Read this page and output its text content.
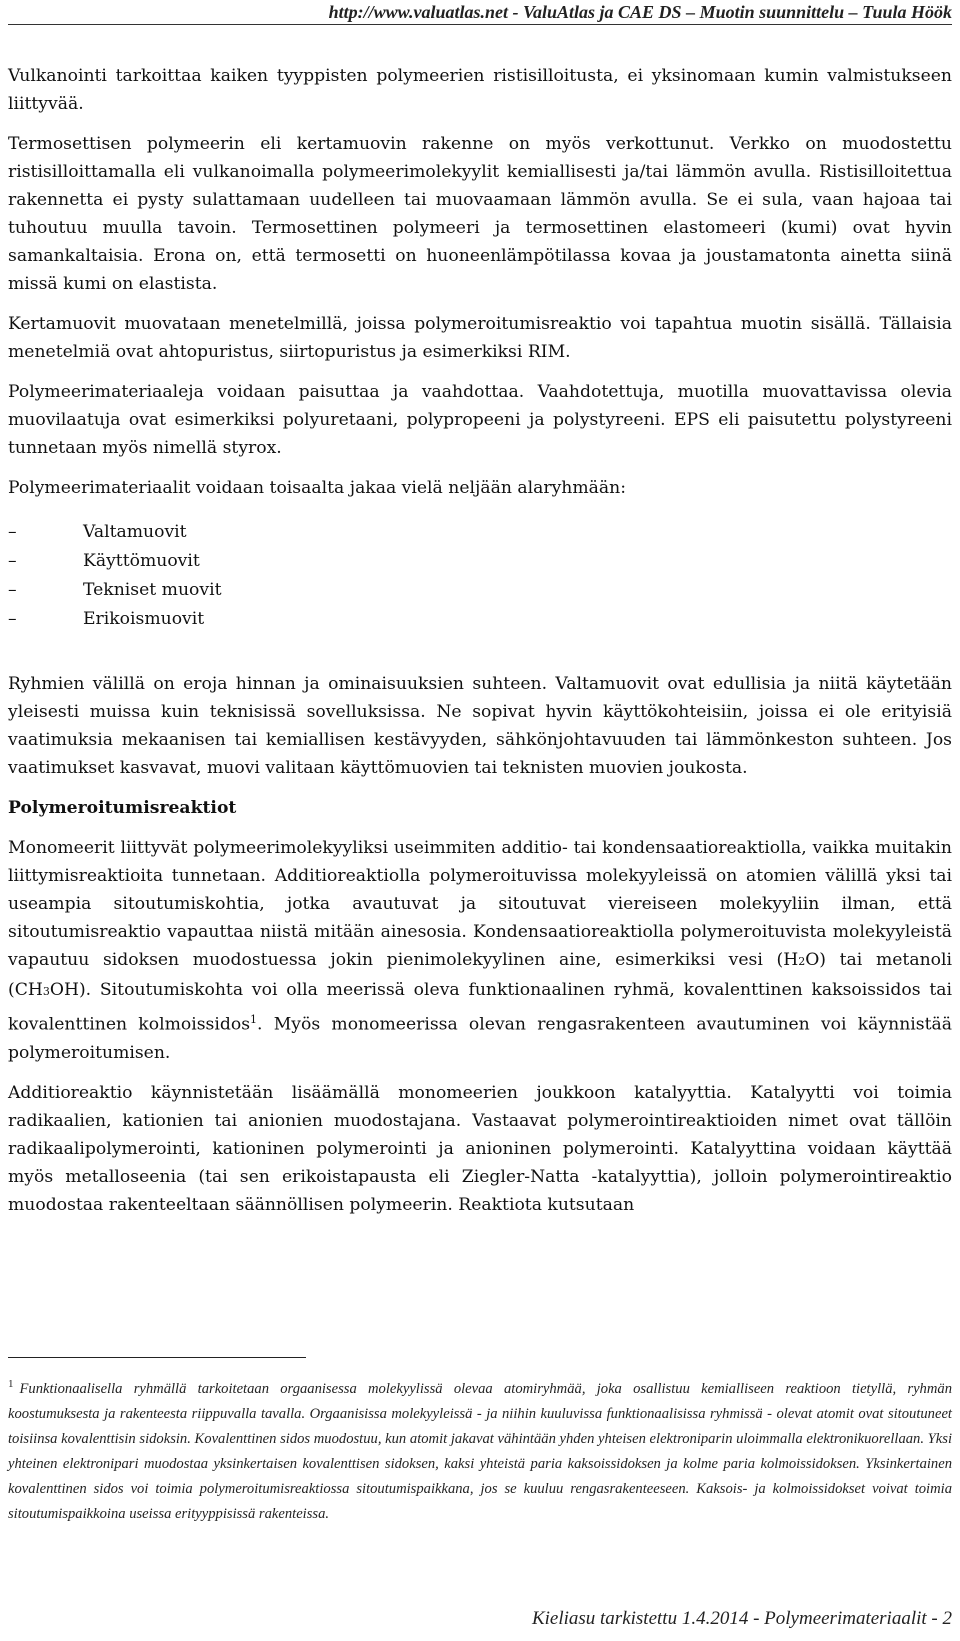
http://www.valuatlas.net - ValuAtlas ja CAE DS – Muotin suunnittelu – Tuula Höök

Vulkanointi tarkoittaa kaiken tyyppisten polymeerien ristisilloitusta, ei yksinomaan kumin valmistukseen liittyvää.

Termosettisen polymeerin eli kertamuovin rakenne on myös verkottunut. Verkko on muodostettu ristisilloittamalla eli vulkanoimalla polymeerimolekyylit kemiallisesti ja/tai lämmön avulla. Ristisilloitettua rakennetta ei pysty sulattamaan uudelleen tai muovaamaan lämmön avulla. Se ei sula, vaan hajoaa tai tuhoutuu muulla tavoin. Termosettinen polymeeri ja termosettinen elastomeeri (kumi) ovat hyvin samankaltaisia. Erona on, että termosetti on huoneenlämpötilassa kovaa ja joustamatonta ainetta siinä missä kumi on elastista.

Kertamuovit muovataan menetelmillä, joissa polymeroitumisreaktio voi tapahtua muotin sisällä. Tällaisia menetelmiä ovat ahtopuristus, siirtopuristus ja esimerkiksi RIM.

Polymeerimateriaaleja voidaan paisuttaa ja vaahdottaa. Vaahdotettuja, muotilla muovattavissa olevia muovilaatuja ovat esimerkiksi polyuretaani, polypropeeni ja polystyreeni. EPS eli paisutettu polystyreeni tunnetaan myös nimellä styrox.

Polymeerimateriaalit voidaan toisaalta jakaa vielä neljään alaryhmään:

–	Valtamuovit
–	Käyttömuovit
–	Tekniset muovit
–	Erikoismuovit

Ryhmien välillä on eroja hinnan ja ominaisuuksien suhteen. Valtamuovit ovat edullisia ja niitä käytetään yleisesti muissa kuin teknisissä sovelluksissa. Ne sopivat hyvin käyttökohteisiin, joissa ei ole erityisiä vaatimuksia mekaanisen tai kemiallisen kestävyyden, sähkönjohtavuuden tai lämmönkeston suhteen. Jos vaatimukset kasvavat, muovi valitaan käyttömuovien tai teknisten muovien joukosta.

Polymeroitumisreaktiot

Monomeerit liittyvät polymeerimolekyyliksi useimmiten additio- tai kondensaatioreaktiolla, vaikka muitakin liittymisreaktioita tunnetaan. Additioreaktiolla polymeroituvissa molekyyleissä on atomien välillä yksi tai useampia sitoutumiskohtia, jotka avautuvat ja sitoutuvat viereiseen molekyyliin ilman, että sitoutumisreaktio vapauttaa niistä mitään ainesosia. Kondensaatioreaktiolla polymeroituvista molekyyleistä vapautuu sidoksen muodostuessa jokin pienimolekyylinen aine, esimerkiksi vesi (H2O) tai metanoli (CH3OH). Sitoutumiskohta voi olla meerissä oleva funktionaalinen ryhmä, kovalenttinen kaksoissidos tai kovalenttinen kolmoissidos$^1$. Myös monomeerissa olevan rengasrakenteen avautuminen voi käynnistää polymeroitumisen.

Additioreaktio käynnistetään lisäämällä monomeerien joukkoon katalyyttia. Katalyytti voi toimia radikaalien, kationien tai anionien muodostajana. Vastaavat polymerointireaktioiden nimet ovat tällöin radikaalipolymerointi, kationinen polymerointi ja anioninen polymerointi. Katalyyttina voidaan käyttää myös metalloseenia (tai sen erikoistapausta eli Ziegler-Natta -katalyyttia), jolloin polymerointireaktio muodostaa rakenteeltaan säännöllisen polymeerin. Reaktiota kutsutaan

$^1$ Funktionaalisella ryhmällä tarkoitetaan orgaanisessa molekyylissä olevaa atomiryhmää, joka osallistuu kemialliseen reaktioon tietyllä, ryhmän koostumuksesta ja rakenteesta riippuvalla tavalla. Orgaanisissa molekyyleissä - ja niihin kuuluvissa funktionaalisissa ryhmissä - olevat atomit ovat sitoutuneet toisiinsa kovalenttisin sidoksin. Kovalenttinen sidos muodostuu, kun atomit jakavat vähintään yhden yhteisen elektroniparin uloimmalla elektronikuorellaan. Yksi yhteinen elektronipari muodostaa yksinkertaisen kovalenttisen sidoksen, kaksi yhteistä paria kaksoissidoksen ja kolme paria kolmoissidoksen. Yksinkertainen kovalenttinen sidos voi toimia polymeroitumisreaktiossa sitoutumispaikkana, jos se kuuluu rengasrakenteeseen. Kaksois- ja kolmoissidokset voivat toimia sitoutumispaikkoina useissa erityyppisissä rakenteissa.
Kieliasu tarkistettu 1.4.2014 - Polymeerimateriaalit - 2
